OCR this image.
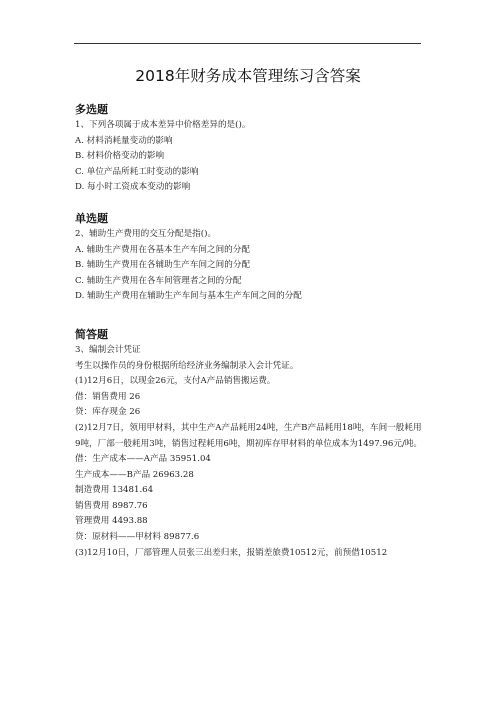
2018年财务成本管理练习含答案
多选题
1、下列各项属于成本差异中价格差异的是()。
A. 材料消耗量变动的影响
B. 材料价格变动的影响
C. 单位产品所耗工时变动的影响
D. 每小时工资成本变动的影响
单选题
2、辅助生产费用的交互分配是指()。
A. 辅助生产费用在各基本生产车间之间的分配
B. 辅助生产费用在各辅助生产车间之间的分配
C. 辅助生产费用在各车间管理者之间的分配
D. 辅助生产费用在辅助生产车间与基本生产车间之间的分配
简答题
3、编制会计凭证
考生以操作员的身份根据所给经济业务编制录入会计凭证。
(1)12月6日，以现金26元，支付A产品销售搬运费。
借：销售费用 26
贷：库存现金 26
(2)12月7日，领用甲材料，其中生产A产品耗用24吨，生产B产品耗用18吨，车间一般耗用9吨，厂部一般耗用3吨，销售过程耗用6吨，期初库存甲材料的单位成本为1497.96元/吨。
借：生产成本——A产品 35951.04
生产成本——B产品 26963.28
制造费用 13481.64
销售费用 8987.76
管理费用 4493.88
贷：原材料——甲材料 89877.6
(3)12月10日，厂部管理人员张三出差归来，报销差旅费10512元，前预借10512
